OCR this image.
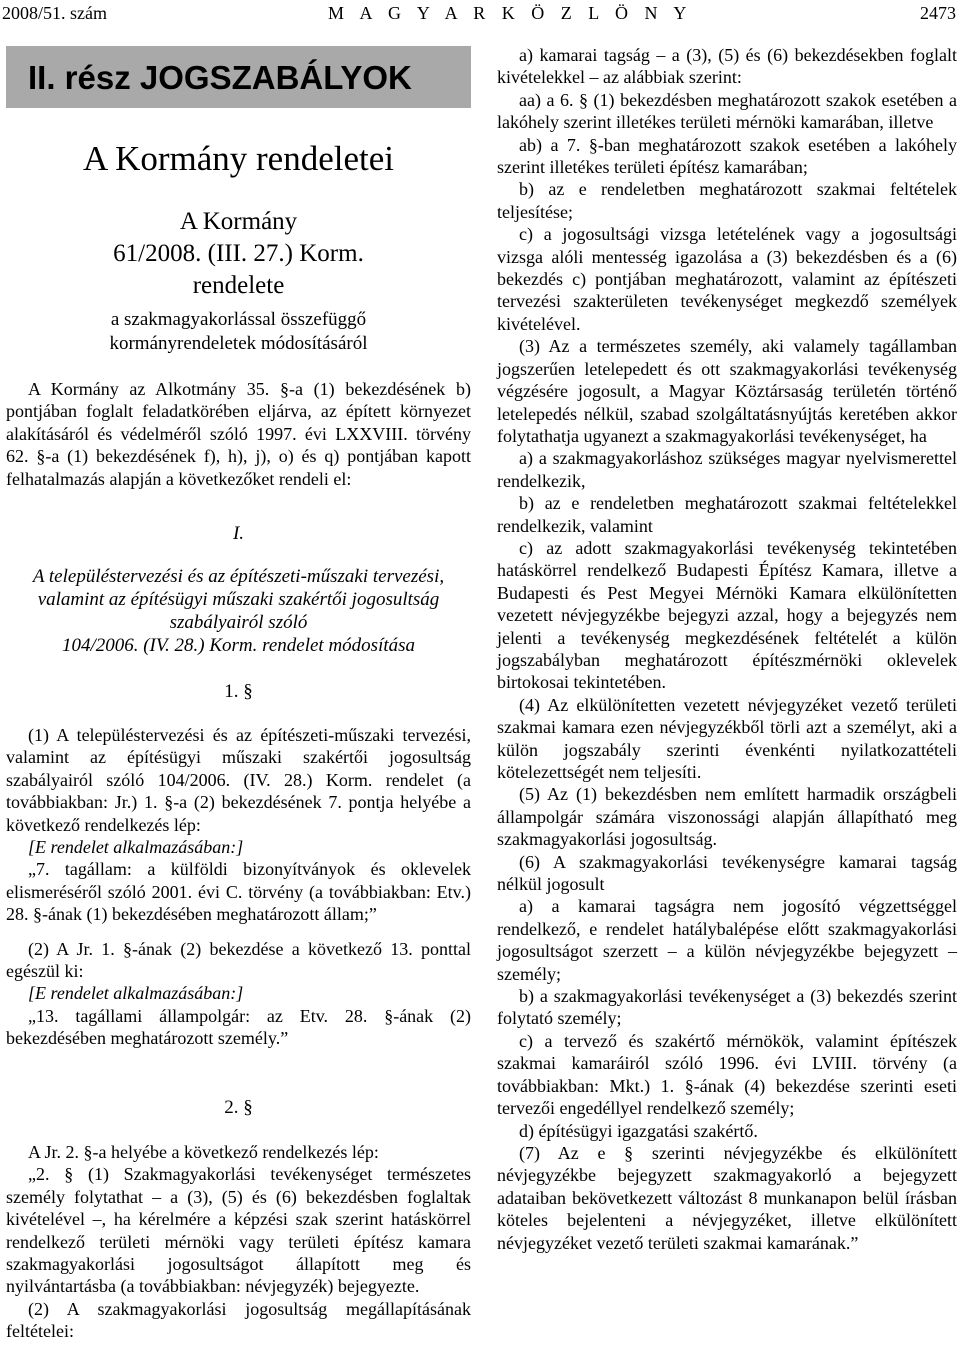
2008/51. szám	M A G Y A R K Ö Z L Ö N Y	2473
II. rész JOGSZABÁLYOK
A Kormány rendeletei
A Kormány
61/2008. (III. 27.) Korm.
rendelete
a szakmagyakorlással összefüggő
kormányrendeletek módosításáról

A Kormány az Alkotmány 35. §-a (1) bekezdésének b) pontjában foglalt feladatkörében eljárva, az épített környezet alakításáról és védelméről szóló 1997. évi LXXVIII. törvény 62. §-a (1) bekezdésének f), h), j), o) és q) pontjában kapott felhatalmazás alapján a következőket rendeli el:

I.
A településtervezési és az építészeti-műszaki tervezési,
valamint az építésügyi műszaki szakértői jogosultság
szabályairól szóló
104/2006. (IV. 28.) Korm. rendelet módosítása
1. §

(1) A településtervezési és az építészeti-műszaki tervezési, valamint az építésügyi műszaki szakértői jogosultság szabályairól szóló 104/2006. (IV. 28.) Korm. rendelet (a továbbiakban: Jr.) 1. §-a (2) bekezdésének 7. pontja helyébe a következő rendelkezés lép:

[E rendelet alkalmazásában:]

„7. tagállam: a külföldi bizonyítványok és oklevelek elismeréséről szóló 2001. évi C. törvény (a továbbiakban: Etv.) 28. §-ának (1) bekezdésében meghatározott állam;”

(2) A Jr. 1. §-ának (2) bekezdése a következő 13. ponttal egészül ki:

[E rendelet alkalmazásában:]

„13. tagállami állampolgár: az Etv. 28. §-ának (2) bekezdésében meghatározott személy.”

2. §

A Jr. 2. §-a helyébe a következő rendelkezés lép:

„2. § (1) Szakmagyakorlási tevékenységet természetes személy folytathat – a (3), (5) és (6) bekezdésben foglaltak kivételével –, ha kérelmére a képzési szak szerint hatáskörrel rendelkező területi mérnöki vagy területi építész kamara szakmagyakorlási jogosultságot állapított meg és nyilvántartásba (a továbbiakban: névjegyzék) bejegyezte.

(2) A szakmagyakorlási jogosultság megállapításának feltételei:

a) kamarai tagság – a (3), (5) és (6) bekezdésekben foglalt kivételekkel – az alábbiak szerint:

aa) a 6. § (1) bekezdésben meghatározott szakok esetében a lakóhely szerint illetékes területi mérnöki kamarában, illetve

ab) a 7. §-ban meghatározott szakok esetében a lakóhely szerint illetékes területi építész kamarában;

b) az e rendeletben meghatározott szakmai feltételek teljesítése;

c) a jogosultsági vizsga letételének vagy a jogosultsági vizsga alóli mentesség igazolása a (3) bekezdésben és a (6) bekezdés c) pontjában meghatározott, valamint az építészeti tervezési szakterületen tevékenységet megkezdő személyek kivételével.

(3) Az a természetes személy, aki valamely tagállamban jogszerűen letelepedett és ott szakmagyakorlási tevékenység végzésére jogosult, a Magyar Köztársaság területén történő letelepedés nélkül, szabad szolgáltatásnyújtás keretében akkor folytathatja ugyanezt a szakmagyakorlási tevékenységet, ha

a) a szakmagyakorláshoz szükséges magyar nyelvismerettel rendelkezik,

b) az e rendeletben meghatározott szakmai feltételekkel rendelkezik, valamint

c) az adott szakmagyakorlási tevékenység tekintetében hatáskörrel rendelkező Budapesti Építész Kamara, illetve a Budapesti és Pest Megyei Mérnöki Kamara elkülönítetten vezetett névjegyzékbe bejegyzi azzal, hogy a bejegyzés nem jelenti a tevékenység megkezdésének feltételét a külön jogszabályban meghatározott építészmérnöki oklevelek birtokosai tekintetében.

(4) Az elkülönítetten vezetett névjegyzéket vezető területi szakmai kamara ezen névjegyzékből törli azt a személyt, aki a külön jogszabály szerinti évenkénti nyilatkozattételi kötelezettségét nem teljesíti.

(5) Az (1) bekezdésben nem említett harmadik országbeli állampolgár számára viszonossági alapján állapítható meg szakmagyakorlási jogosultság.

(6) A szakmagyakorlási tevékenységre kamarai tagság nélkül jogosult

a) a kamarai tagságra nem jogosító végzettséggel rendelkező, e rendelet hatálybalépése előtt szakmagyakorlási jogosultságot szerzett – a külön névjegyzékbe bejegyzett – személy;

b) a szakmagyakorlási tevékenységet a (3) bekezdés szerint folytató személy;

c) a tervező és szakértő mérnökök, valamint építészek szakmai kamaráiról szóló 1996. évi LVIII. törvény (a továbbiakban: Mkt.) 1. §-ának (4) bekezdése szerinti eseti tervezői engedéllyel rendelkező személy;

d) építésügyi igazgatási szakértő.

(7) Az e § szerinti névjegyzékbe és elkülönített névjegyzékbe bejegyzett szakmagyakorló a bejegyzett adataiban bekövetkezett változást 8 munkanapon belül írásban köteles bejelenteni a névjegyzéket, illetve elkülönített névjegyzéket vezető területi szakmai kamarának.”
